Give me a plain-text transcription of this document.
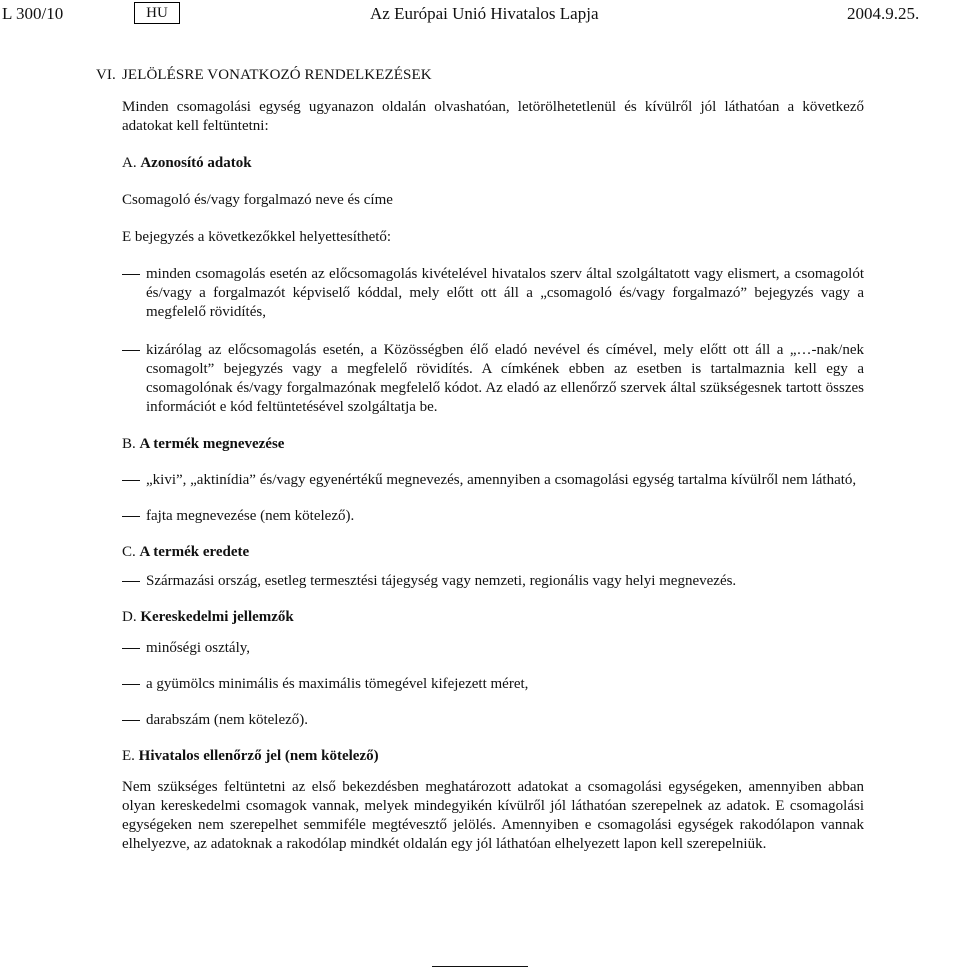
L 300/10	HU	Az Európai Unió Hivatalos Lapja	2004.9.25.

VI. JELÖLÉSRE VONATKOZÓ RENDELKEZÉSEK

Minden csomagolási egység ugyanazon oldalán olvashatóan, letörölhetetlenül és kívülről jól láthatóan a következő adatokat kell feltüntetni:

A. Azonosító adatok

Csomagoló és/vagy forgalmazó neve és címe

E bejegyzés a következőkkel helyettesíthető:

minden csomagolás esetén az előcsomagolás kivételével hivatalos szerv által szolgáltatott vagy elismert, a csomagolót és/vagy a forgalmazót képviselő kóddal, mely előtt ott áll a „csomagoló és/vagy forgalmazó” bejegyzés vagy a megfelelő rövidítés,
kizárólag az előcsomagolás esetén, a Közösségben élő eladó nevével és címével, mely előtt ott áll a „…-nak/nek csomagolt” bejegyzés vagy a megfelelő rövidítés. A címkének ebben az esetben is tartalmaznia kell egy a csomagolónak és/vagy forgalmazónak megfelelő kódot. Az eladó az ellenőrző szervek által szükségesnek tartott összes információt e kód feltüntetésével szolgáltatja be.

B. A termék megnevezése

„kivi”, „aktinídia” és/vagy egyenértékű megnevezés, amennyiben a csomagolási egység tartalma kívülről nem látható,
fajta megnevezése (nem kötelező).

C. A termék eredete

Származási ország, esetleg termesztési tájegység vagy nemzeti, regionális vagy helyi megnevezés.

D. Kereskedelmi jellemzők

minőségi osztály,
a gyümölcs minimális és maximális tömegével kifejezett méret,
darabszám (nem kötelező).

E. Hivatalos ellenőrző jel (nem kötelező)

Nem szükséges feltüntetni az első bekezdésben meghatározott adatokat a csomagolási egységeken, amennyiben abban olyan kereskedelmi csomagok vannak, melyek mindegyikén kívülről jól láthatóan szerepelnek az adatok. E csomagolási egységeken nem szerepelhet semmiféle megtévesztő jelölés. Amennyiben e csomagolási egységek rakodólapon vannak elhelyezve, az adatoknak a rakodólap mindkét oldalán egy jól láthatóan elhelyezett lapon kell szerepelniük.
